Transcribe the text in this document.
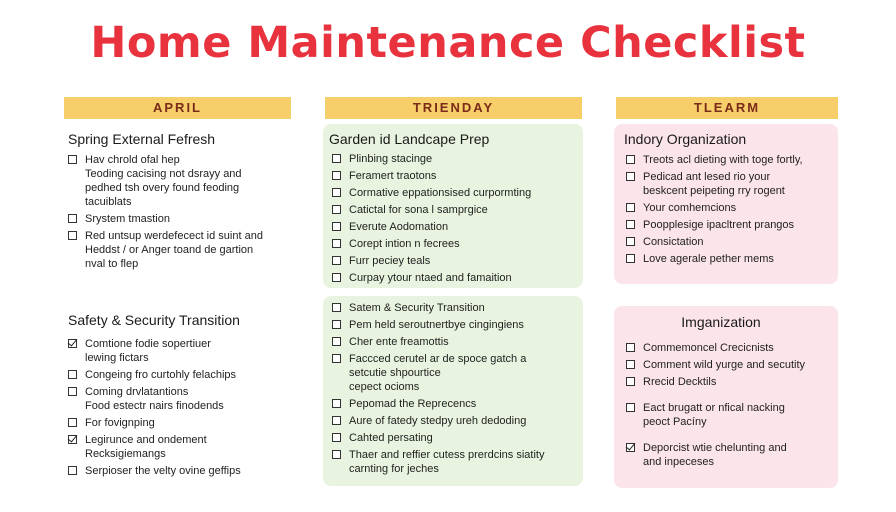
Home Maintenance Checklist
APRIL
Spring External Fefresh
Hav chrold ofal hep
Teoding cacising not dsrayy and
pedhed tsh overy found feoding
tacuiblats
Srystem tmastion
Red untsup werdefecect id suint and
Heddst / or Anger toand de gartion
nval to flep
Safety & Security Transition
Comtione fodie sopertiuer
lewing fictars
Congeing fro curtohly felachips
Coming drvlatantions
Food estectr nairs finodends
For fovignping
Legirunce and ondement
Recksigiemangs
Serpioser the velty ovine geffips
TRIENDAY
Garden id Landcape Prep
Plinbing stacinge
Feramert traotons
Cormative eppationsised curpormting
Catictal for sona l samprgice
Everute Aodomation
Corept intion n fecrees
Furr peciey teals
Curpay ytour ntaed and famaition
Satem & Security Transition
Pem held seroutnertbye cingingiens
Cher ente freamottis
Faccced cerutel ar de spoce gatch a
setcutie shpourtice
cepect ocioms
Pepomad the Reprecencs
Aure of fatedy stedpy ureh dedoding
Cahted persating
Thaer and reffier cutess prerdcins siatity
carnting for jeches
TLEARM
Indory Organization
Treots acl dieting with toge fortly,
Pedicad ant lesed rio your
beskcent peipeting rry rogent
Your comhemcions
Poopplesige ipacltrent prangos
Consictation
Love agerale pether mems
Imganization
Commemoncel Crecicnists
Comment wild yurge and secutity
Rrecid Decktils
Eact brugatt or nfical nacking
peoct Pacíny
Deporcist wtie chelunting and
and inpeceses
